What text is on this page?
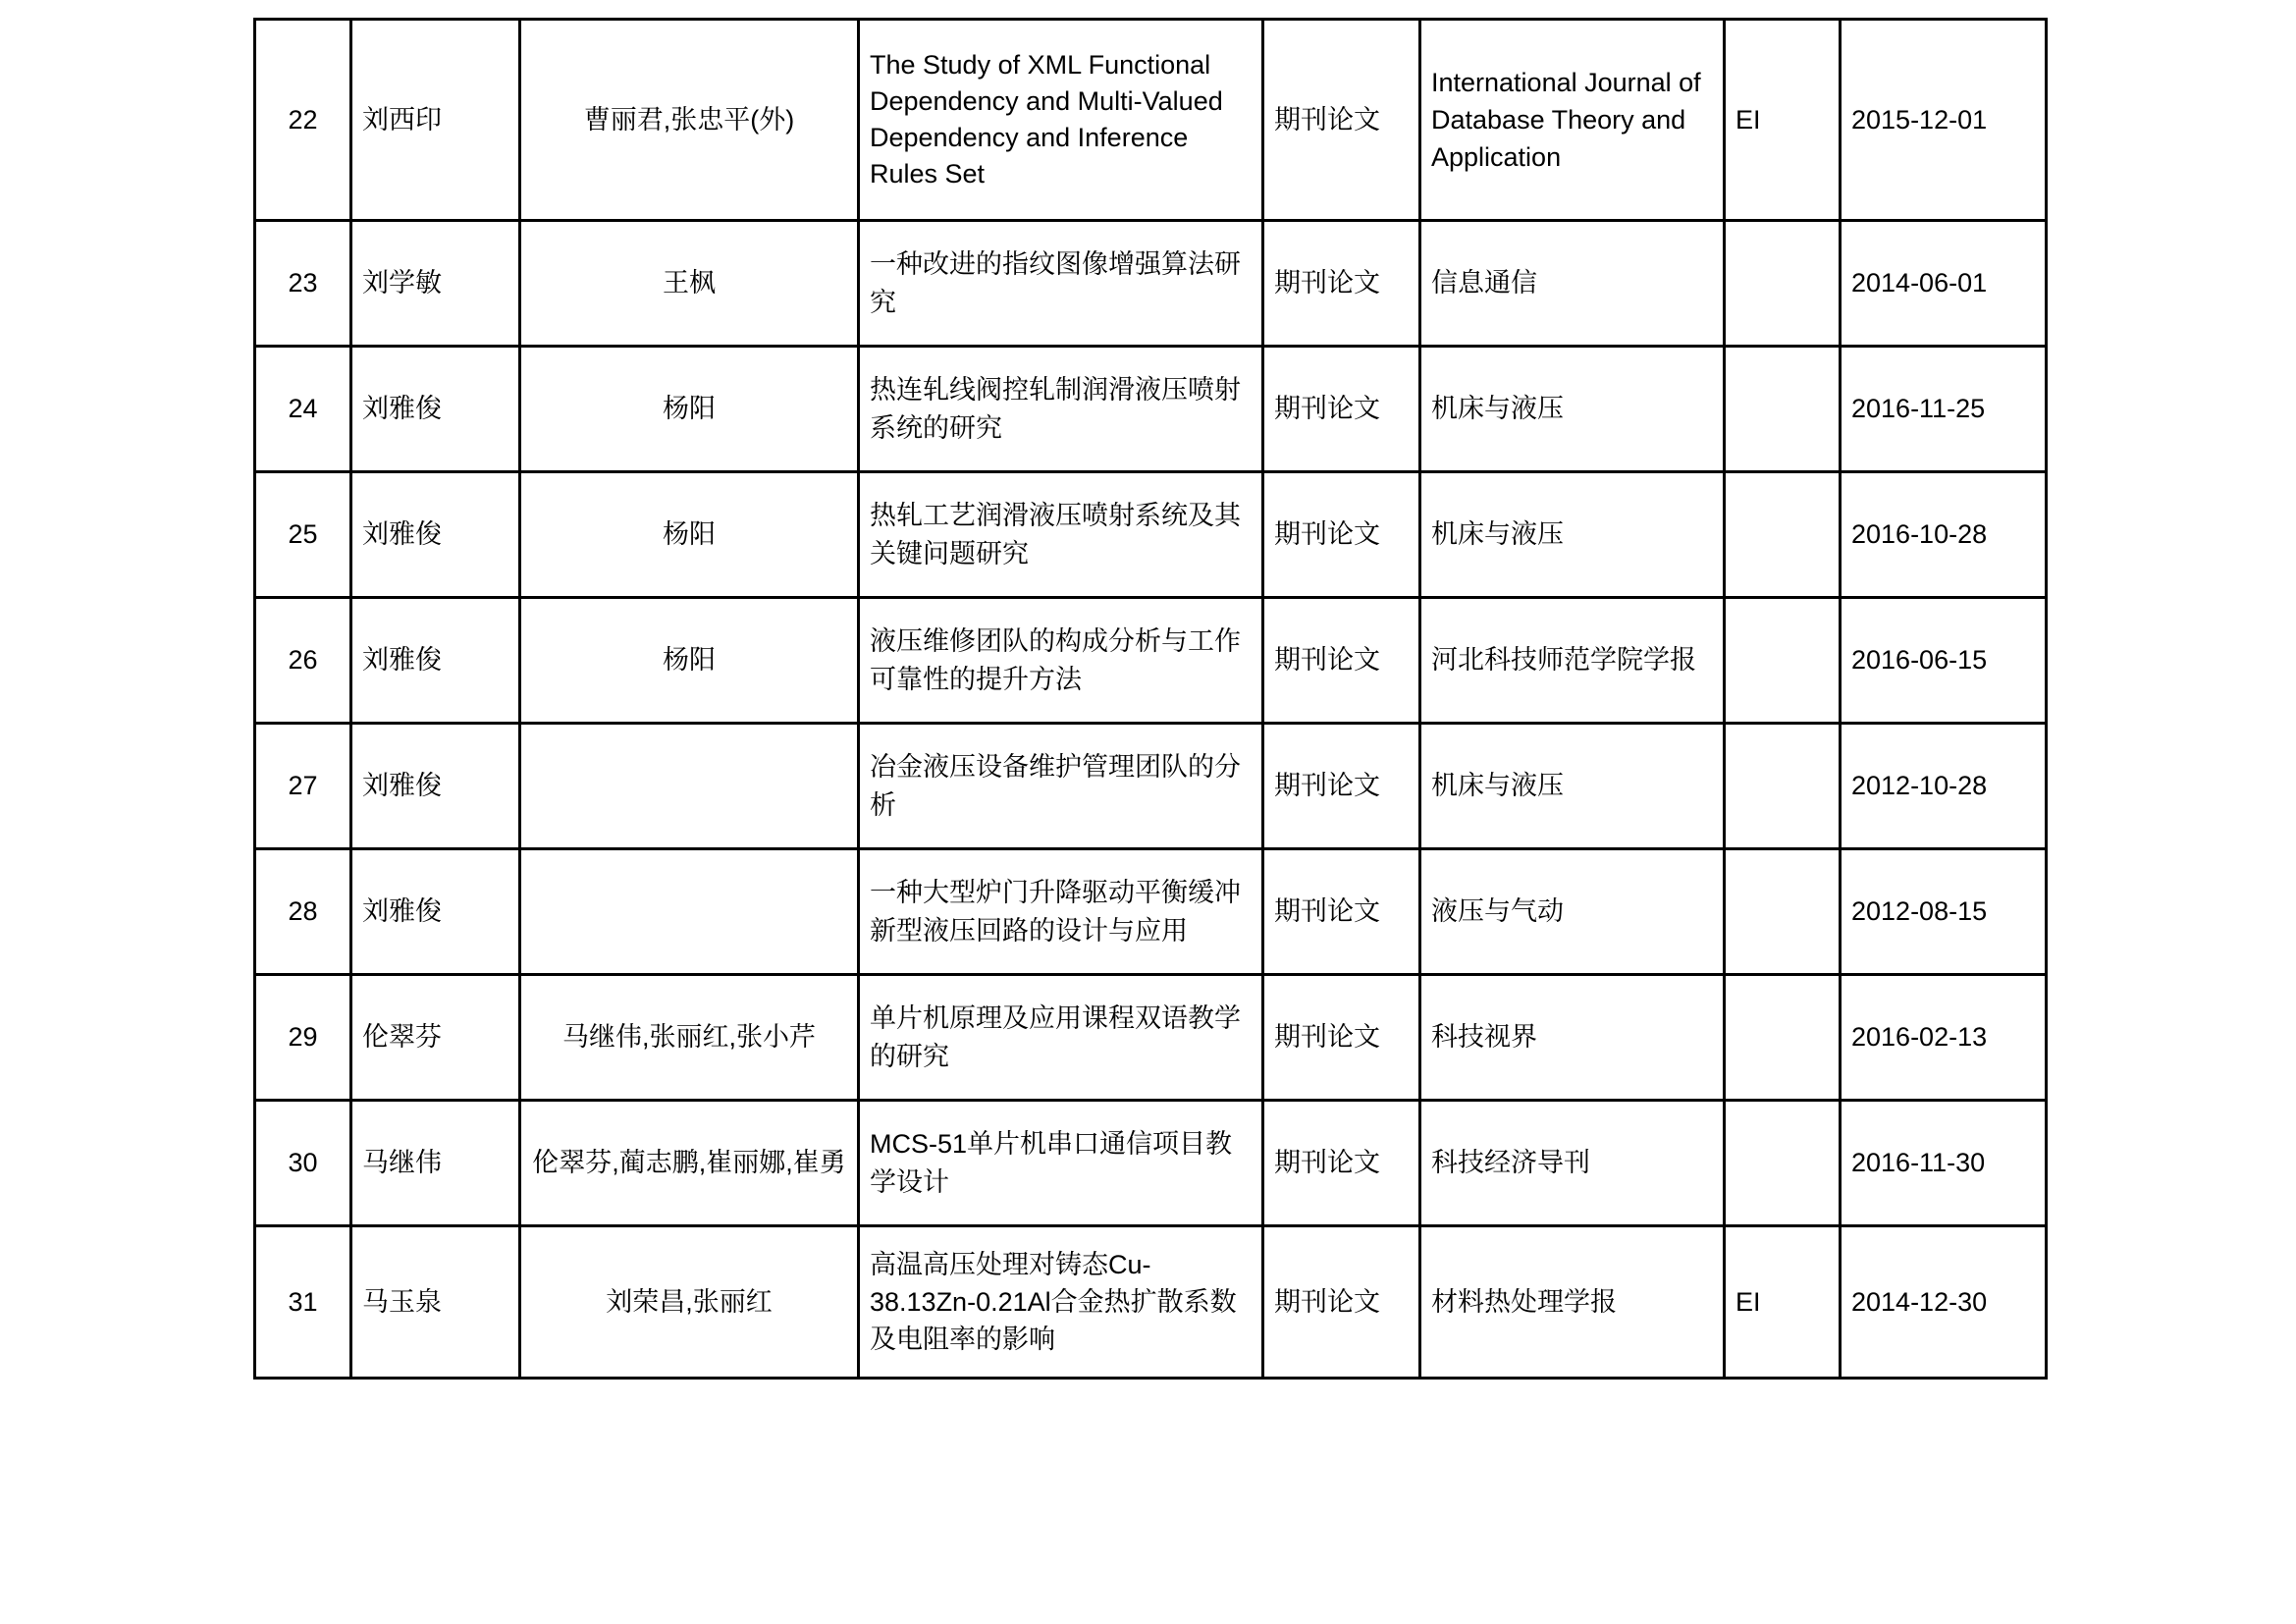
22	刘西印	曹丽君,张忠平(外)	The Study of XML Functional Dependency and Multi-Valued Dependency and Inference Rules Set	期刊论文	International Journal of Database Theory and Application	EI	2015-12-01
23	刘学敏	王枫	一种改进的指纹图像增强算法研究	期刊论文	信息通信		2014-06-01
24	刘雅俊	杨阳	热连轧线阀控轧制润滑液压喷射系统的研究	期刊论文	机床与液压		2016-11-25
25	刘雅俊	杨阳	热轧工艺润滑液压喷射系统及其关键问题研究	期刊论文	机床与液压		2016-10-28
26	刘雅俊	杨阳	液压维修团队的构成分析与工作可靠性的提升方法	期刊论文	河北科技师范学院学报		2016-06-15
27	刘雅俊		冶金液压设备维护管理团队的分析	期刊论文	机床与液压		2012-10-28
28	刘雅俊		一种大型炉门升降驱动平衡缓冲新型液压回路的设计与应用	期刊论文	液压与气动		2012-08-15
29	伦翠芬	马继伟,张丽红,张小芹	单片机原理及应用课程双语教学的研究	期刊论文	科技视界		2016-02-13
30	马继伟	伦翠芬,蔺志鹏,崔丽娜,崔勇	MCS-51单片机串口通信项目教学设计	期刊论文	科技经济导刊		2016-11-30
31	马玉泉	刘荣昌,张丽红	高温高压处理对铸态Cu-38.13Zn-0.21Al合金热扩散系数及电阻率的影响	期刊论文	材料热处理学报	EI	2014-12-30
